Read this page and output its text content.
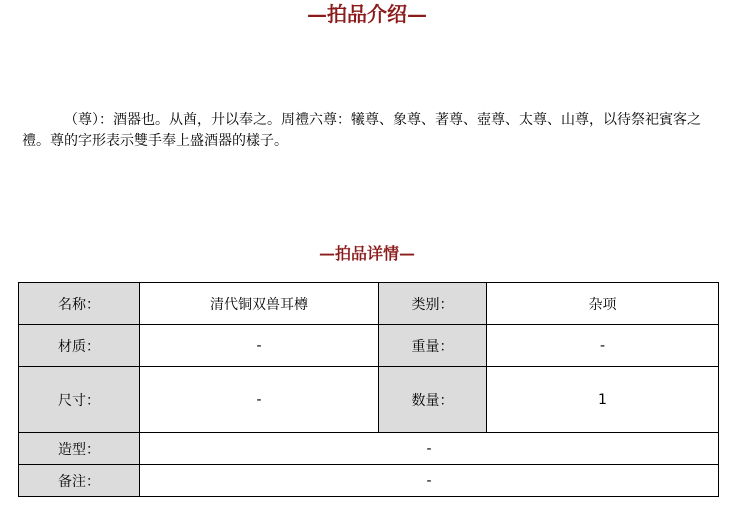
—拍品介绍—
（尊）：酒器也。从酋，廾以奉之。周禮六尊：犧尊、象尊、著尊、壺尊、太尊、山尊，以待祭祀賓客之禮。尊的字形表示雙手奉上盛酒器的樣子。
—拍品详情—
名称：	清代铜双兽耳樽	类别：	杂项
材质：	-	重量：	-
尺寸：	-	数量：	1
造型：	-		
备注：	-		
